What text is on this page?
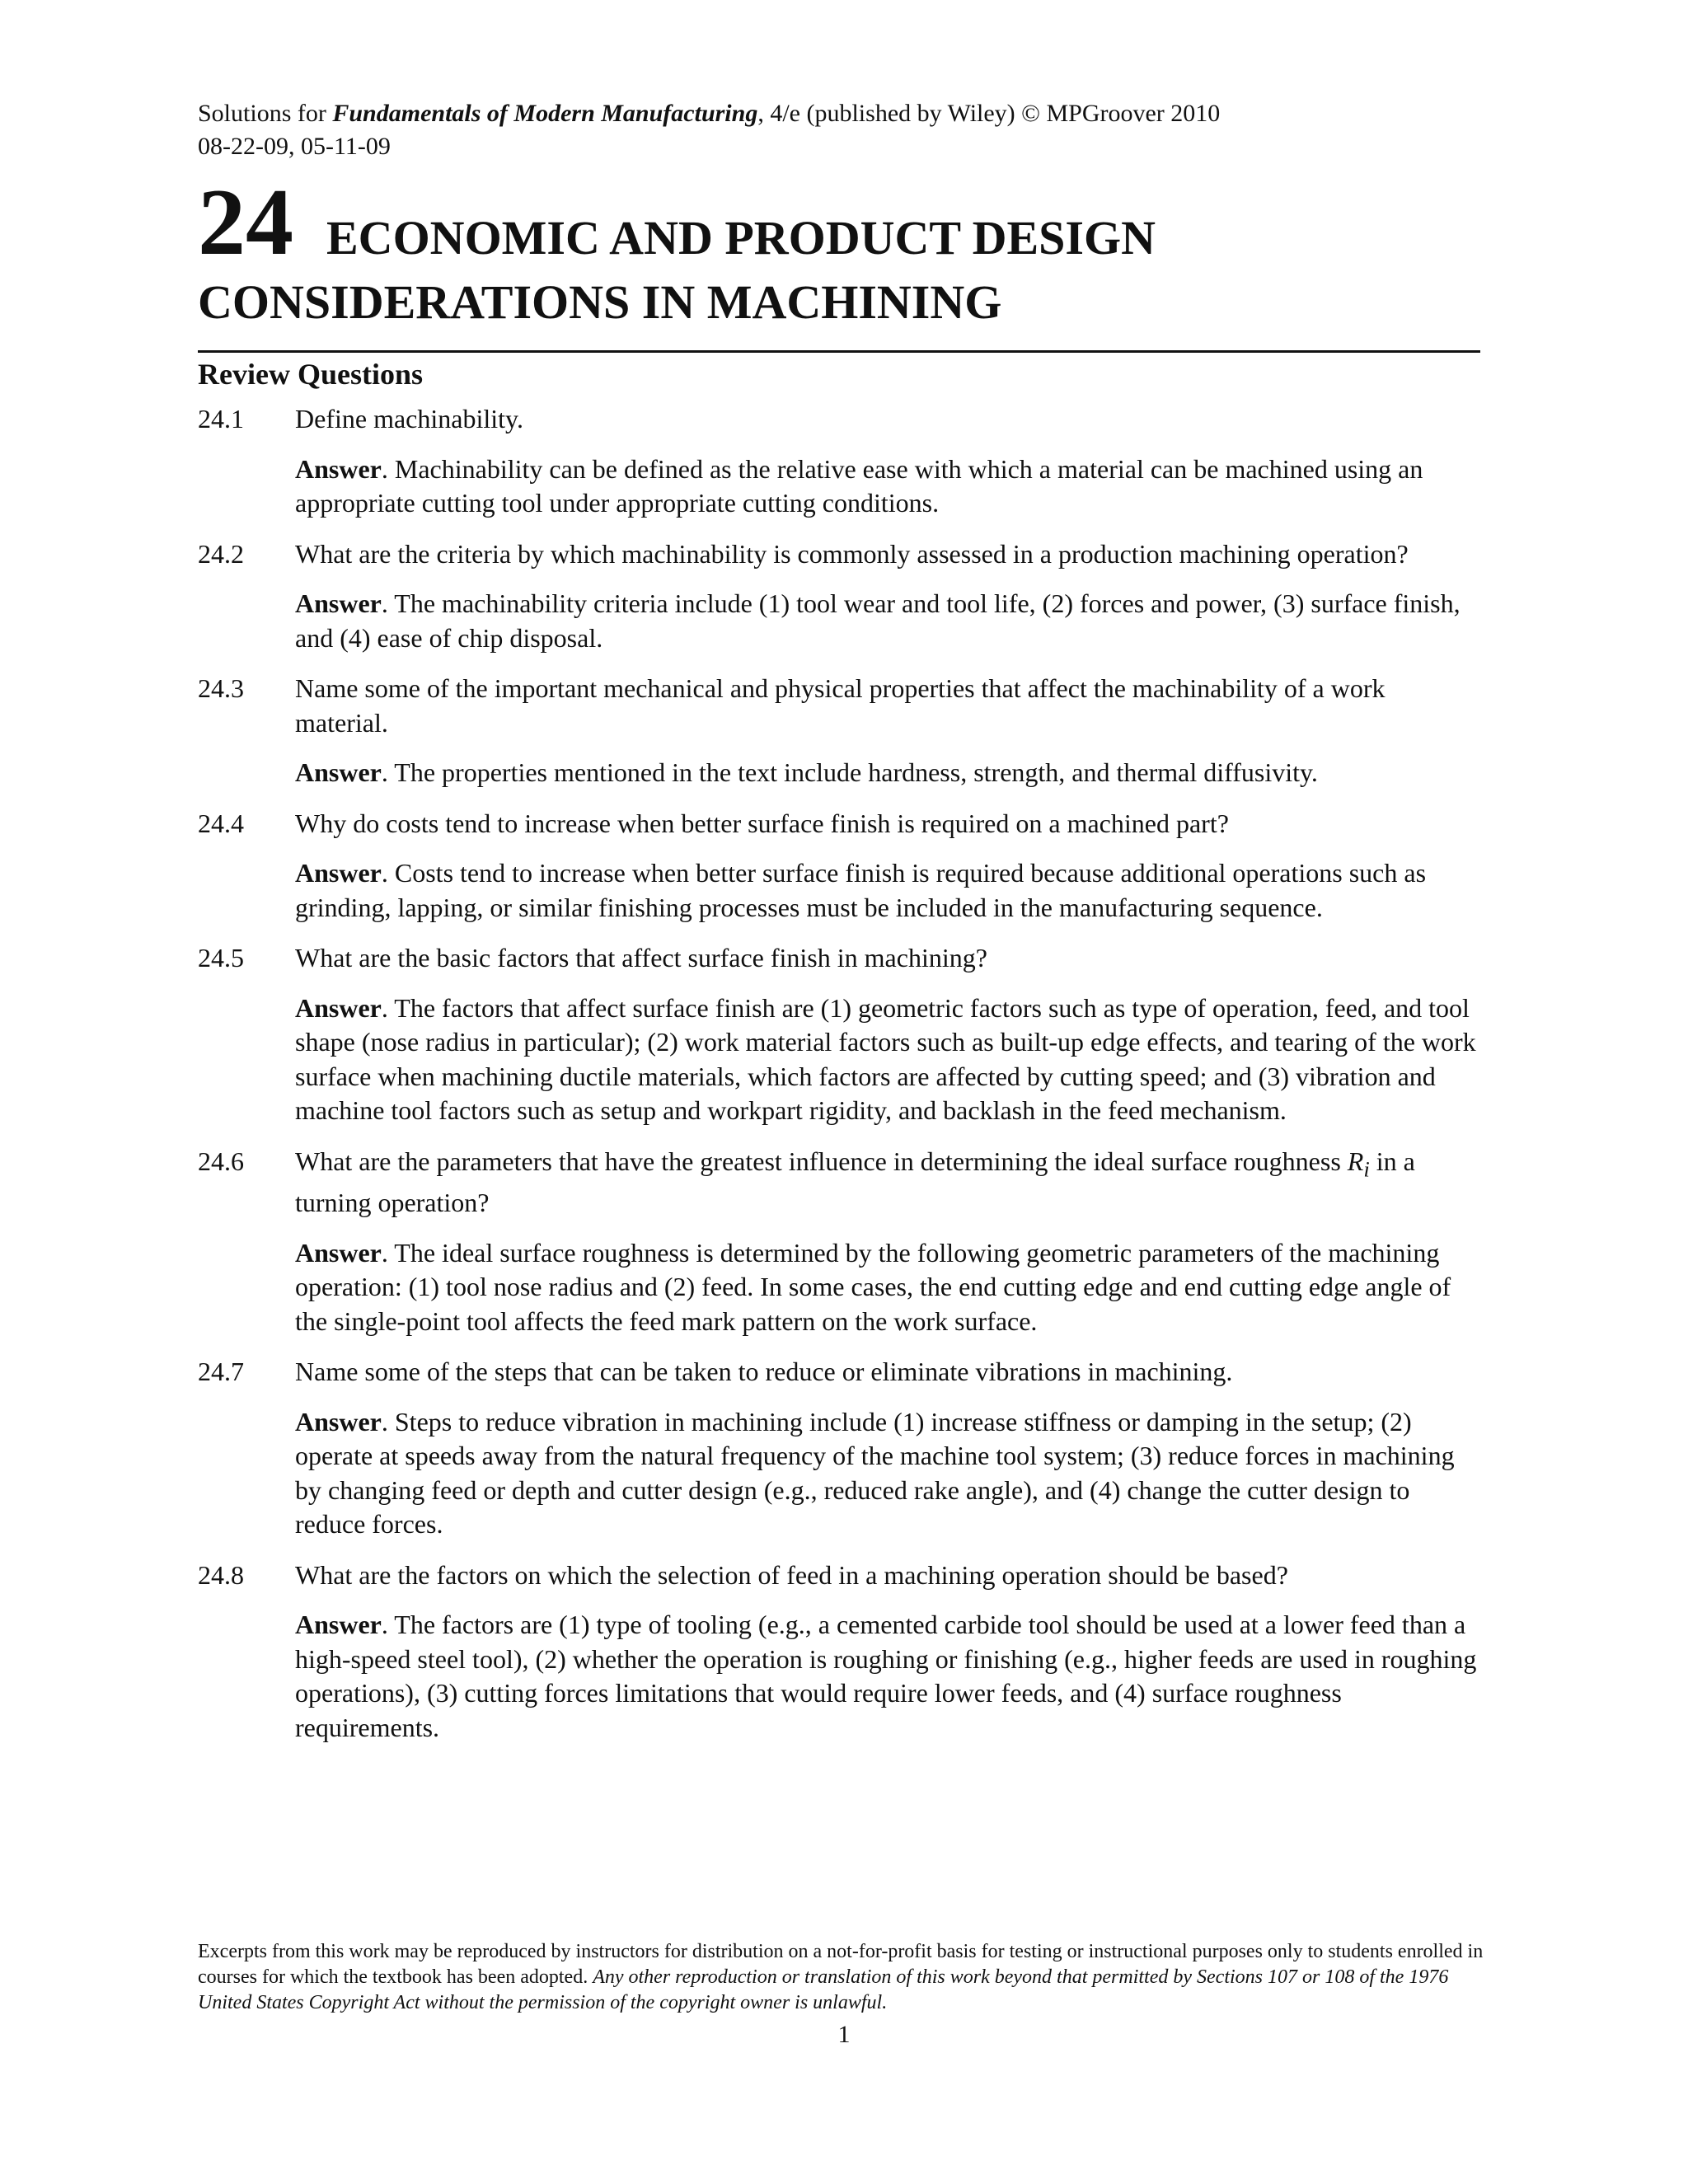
Solutions for Fundamentals of Modern Manufacturing, 4/e (published by Wiley) © MPGroover 2010
08-22-09, 05-11-09
24 ECONOMIC AND PRODUCT DESIGN
CONSIDERATIONS IN MACHINING
Review Questions
24.1	Define machinability.
Answer . Machinability can be defined as the relative ease with which a material can be machined using an appropriate cutting tool under appropriate cutting conditions.
24.2	What are the criteria by which machinability is commonly assessed in a production machining operation?
Answer . The machinability criteria include (1) tool wear and tool life, (2) forces and power, (3) surface finish, and (4) ease of chip disposal.
24.3	Name some of the important mechanical and physical properties that affect the machinability of a work material.
Answer . The properties mentioned in the text include hardness, strength, and thermal diffusivity.
24.4	Why do costs tend to increase when better surface finish is required on a machined part?
Answer . Costs tend to increase when better surface finish is required because additional operations such as grinding, lapping, or similar finishing processes must be included in the manufacturing sequence.
24.5	What are the basic factors that affect surface finish in machining?
Answer . The factors that affect surface finish are (1) geometric factors such as type of operation, feed, and tool shape (nose radius in particular); (2) work material factors such as built-up edge effects, and tearing of the work surface when machining ductile materials, which factors are affected by cutting speed; and (3) vibration and machine tool factors such as setup and workpart rigidity, and backlash in the feed mechanism.
24.6	What are the parameters that have the greatest influence in determining the ideal surface roughness $R_i$ in a turning operation?
Answer . The ideal surface roughness is determined by the following geometric parameters of the machining operation: (1) tool nose radius and (2) feed. In some cases, the end cutting edge and end cutting edge angle of the single-point tool affects the feed mark pattern on the work surface.
24.7	Name some of the steps that can be taken to reduce or eliminate vibrations in machining.
Answer . Steps to reduce vibration in machining include (1) increase stiffness or damping in the setup; (2) operate at speeds away from the natural frequency of the machine tool system; (3) reduce forces in machining by changing feed or depth and cutter design (e.g., reduced rake angle), and (4) change the cutter design to reduce forces.
24.8	What are the factors on which the selection of feed in a machining operation should be based?
Answer . The factors are (1) type of tooling (e.g., a cemented carbide tool should be used at a lower feed than a high-speed steel tool), (2) whether the operation is roughing or finishing (e.g., higher feeds are used in roughing operations), (3) cutting forces limitations that would require lower feeds, and (4) surface roughness requirements.
Excerpts from this work may be reproduced by instructors for distribution on a not-for-profit basis for testing or instructional purposes only to students enrolled in courses for which the textbook has been adopted. Any other reproduction or translation of this work beyond that permitted by Sections 107 or 108 of the 1976 United States Copyright Act without the permission of the copyright owner is unlawful.
1
